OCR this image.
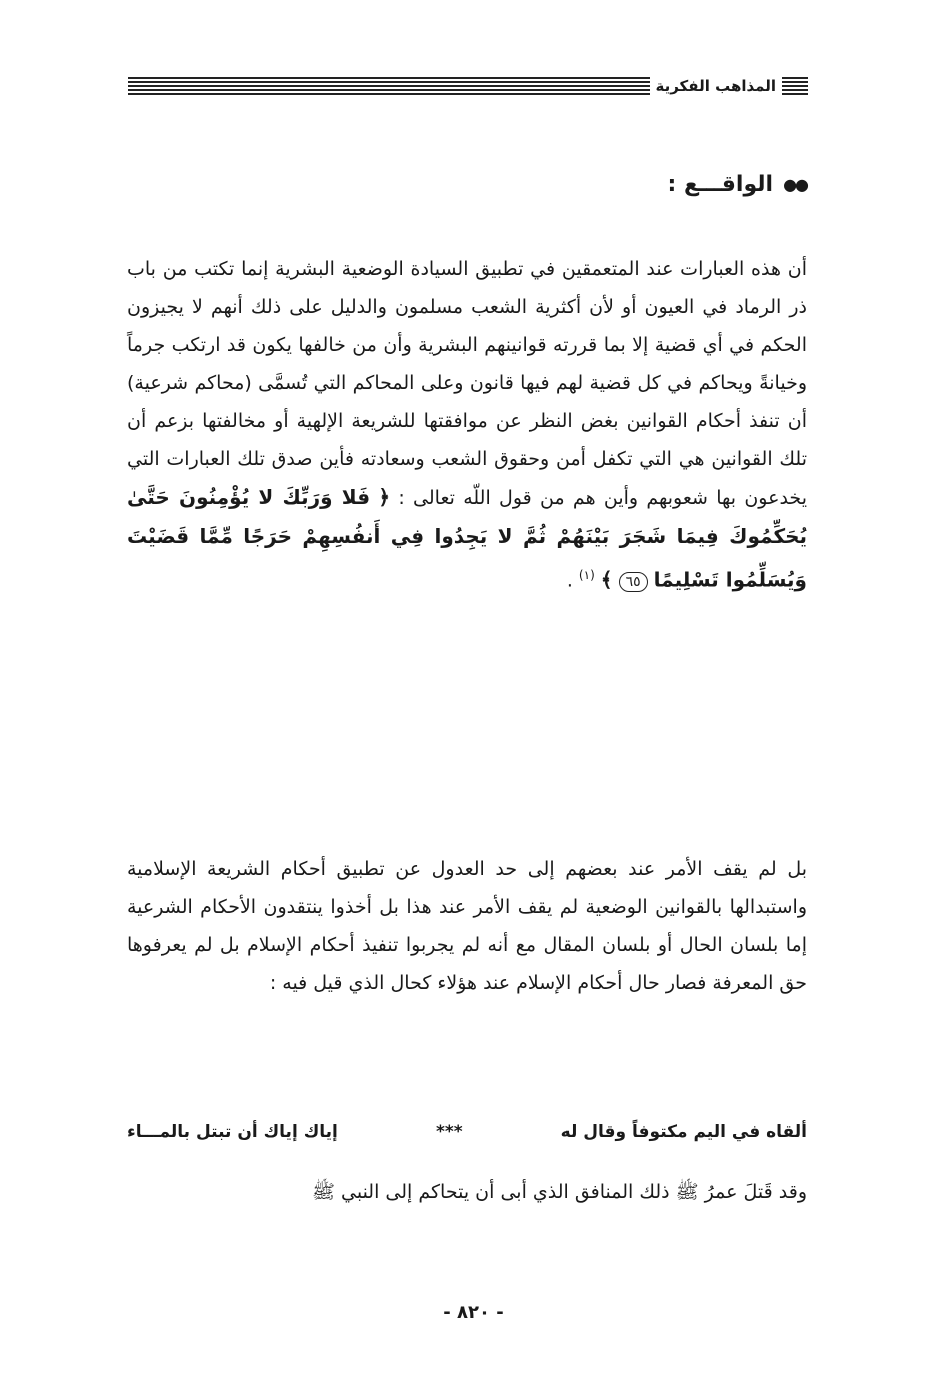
المذاهب الفكرية
●●
الواقـــع :
أن هذه العبارات عند المتعمقين في تطبيق السيادة الوضعية البشرية إنما تكتب من باب ذر الرماد في العيون أو لأن أكثرية الشعب مسلمون والدليل على ذلك أنهم لا يجيزون الحكم في أي قضية إلا بما قررته قوانينهم البشرية وأن من خالفها يكون قد ارتكب جرماً وخيانةً ويحاكم في كل قضية لهم فيها قانون وعلى المحاكم التي تُسمَّى (محاكم شرعية) أن تنفذ أحكام القوانين بغض النظر عن موافقتها للشريعة الإلهية أو مخالفتها بزعم أن تلك القوانين هي التي تكفل أمن وحقوق الشعب وسعادته فأين صدق تلك العبارات التي يخدعون بها شعوبهم وأين هم من قول اللّه تعالى : ﴿ فَلا وَرَبِّكَ لا يُؤْمِنُونَ حَتَّىٰ يُحَكِّمُوكَ فِيمَا شَجَرَ بَيْنَهُمْ ثُمَّ لا يَجِدُوا فِي أَنفُسِهِمْ حَرَجًا مِّمَّا قَضَيْتَ وَيُسَلِّمُوا تَسْلِيمًا ٦٥ ﴾ $^{(١)}$ .
بل لم يقف الأمر عند بعضهم إلى حد العدول عن تطبيق أحكام الشريعة الإسلامية واستبدالها بالقوانين الوضعية لم يقف الأمر عند هذا بل أخذوا ينتقدون الأحكام الشرعية إما بلسان الحال أو بلسان المقال مع أنه لم يجربوا تنفيذ أحكام الإسلام بل لم يعرفوها حق المعرفة فصار حال أحكام الإسلام عند هؤلاء كحال الذي قيل فيه :
ألقاه في اليم مكتوفاً وقال له
***
إياك إياك أن تبتل بالمـــاء
وقد قَتلَ عمرُ ﷺ ذلك المنافق الذي أبى أن يتحاكم إلى النبي ﷺ
- ٨٢٠ -
